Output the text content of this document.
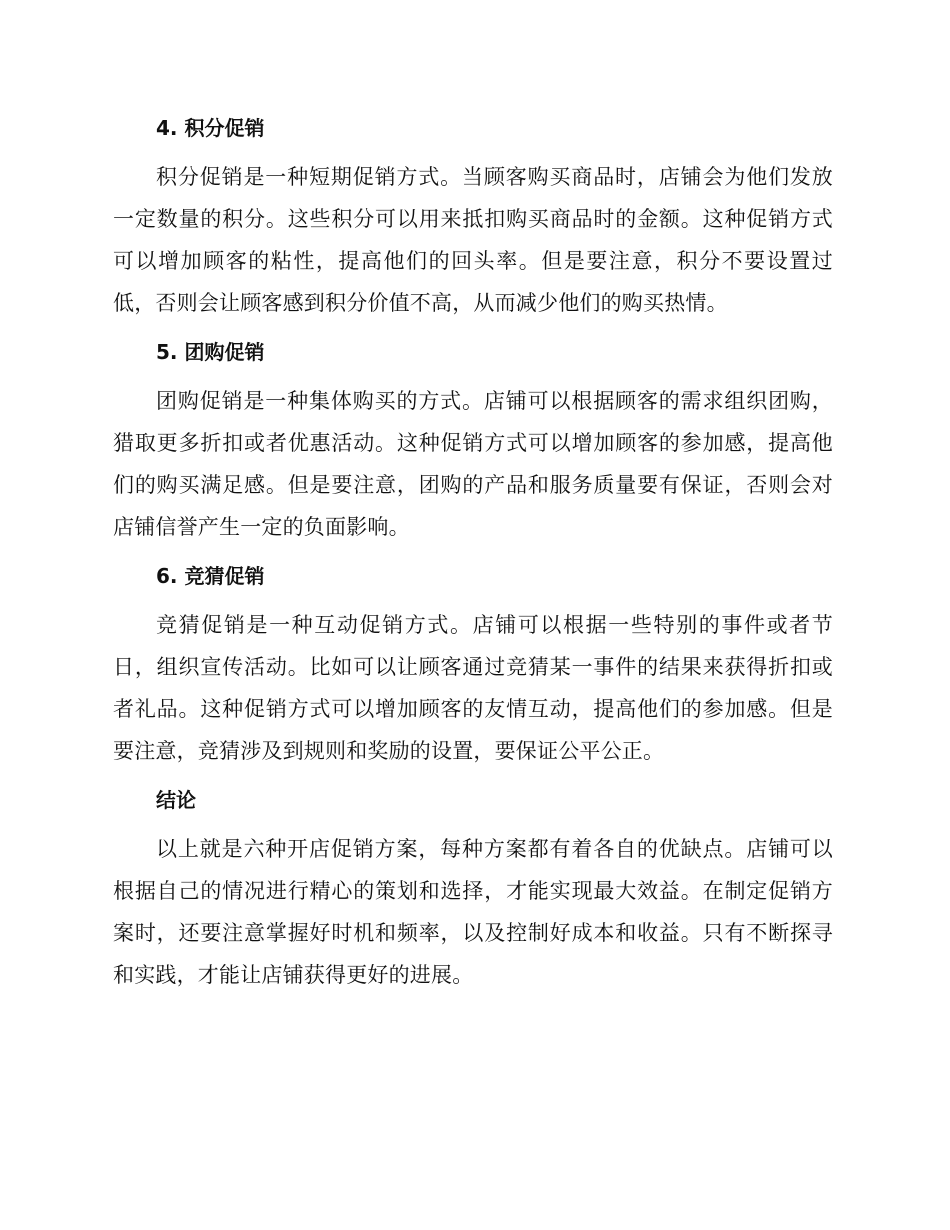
4. 积分促销

积分促销是一种短期促销方式。当顾客购买商品时，店铺会为他们发放一定数量的积分。这些积分可以用来抵扣购买商品时的金额。这种促销方式可以增加顾客的粘性，提高他们的回头率。但是要注意，积分不要设置过低，否则会让顾客感到积分价值不高，从而减少他们的购买热情。

5. 团购促销

团购促销是一种集体购买的方式。店铺可以根据顾客的需求组织团购，猎取更多折扣或者优惠活动。这种促销方式可以增加顾客的参加感，提高他们的购买满足感。但是要注意，团购的产品和服务质量要有保证，否则会对店铺信誉产生一定的负面影响。

6. 竞猜促销

竞猜促销是一种互动促销方式。店铺可以根据一些特别的事件或者节日，组织宣传活动。比如可以让顾客通过竞猜某一事件的结果来获得折扣或者礼品。这种促销方式可以增加顾客的友情互动，提高他们的参加感。但是要注意，竞猜涉及到规则和奖励的设置，要保证公平公正。

结论

以上就是六种开店促销方案，每种方案都有着各自的优缺点。店铺可以根据自己的情况进行精心的策划和选择，才能实现最大效益。在制定促销方案时，还要注意掌握好时机和频率，以及控制好成本和收益。只有不断探寻和实践，才能让店铺获得更好的进展。
